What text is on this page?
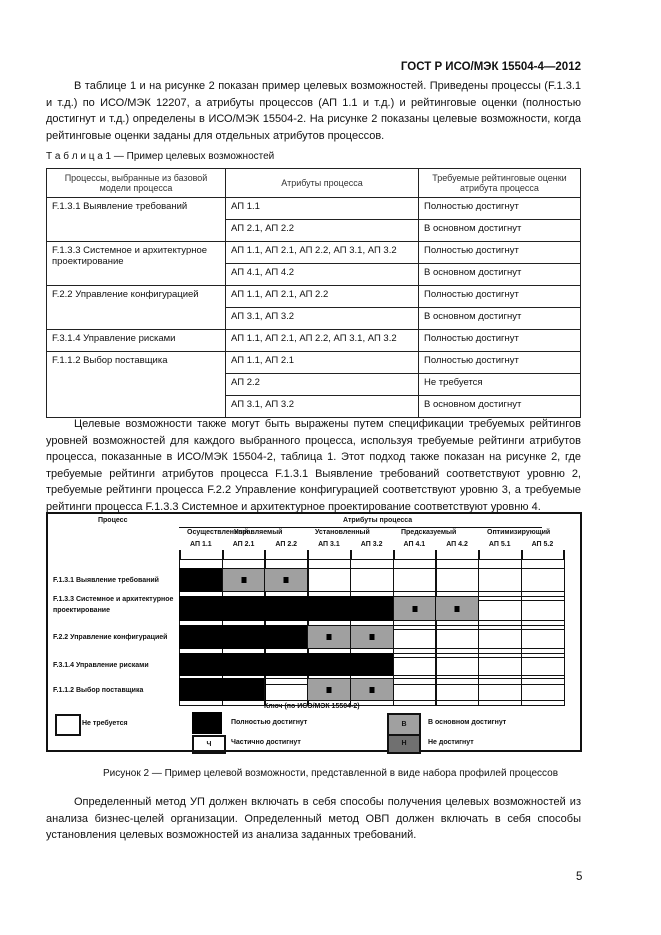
ГОСТ Р ИСО/МЭК 15504-4—2012

В таблице 1 и на рисунке 2 показан пример целевых возможностей. Приведены процессы (F.1.3.1 и т.д.) по ИСО/МЭК 12207, а атрибуты процессов (АП 1.1 и т.д.) и рейтинговые оценки (полностью достигнут и т.д.) определены в ИСО/МЭК 15504-2. На рисунке 2 показаны целевые возможности, когда рейтинговые оценки заданы для отдельных атрибутов процессов.

Т а б л и ц а 1 — Пример целевых возможностей
Процессы, выбранные из базовой модели процесса	Атрибуты процесса	Требуемые рейтинговые оценки атрибута процесса
F.1.3.1 Выявление требований	АП 1.1	Полностью достигнут
	АП 2.1, АП 2.2	В основном достигнут
F.1.3.3 Системное и архитектурное проектирование	АП 1.1, АП 2.1, АП 2.2, АП 3.1, АП 3.2	Полностью достигнут
	АП 4.1, АП 4.2	В основном достигнут
F.2.2 Управление конфигурацией	АП 1.1, АП 2.1, АП 2.2	Полностью достигнут
	АП 3.1, АП 3.2	В основном достигнут
F.3.1.4 Управление рисками	АП 1.1, АП 2.1, АП 2.2, АП 3.1, АП 3.2	Полностью достигнут
F.1.1.2 Выбор поставщика	АП 1.1, АП 2.1	Полностью достигнут
	АП 2.2	Не требуется
	АП 3.1, АП 3.2	В основном достигнут

Целевые возможности также могут быть выражены путем спецификации требуемых рейтингов уровней возможностей для каждого выбранного процесса, используя требуемые рейтинги атрибутов процесса, показанные в ИСО/МЭК 15504-2, таблица 1. Этот подход также показан на рисунке 2, где требуемые рейтинги атрибутов процесса F.1.3.1 Выявление требований соответствуют уровню 2, требуемые рейтинги процесса F.2.2 Управление конфигурацией соответствуют уровню 3, а требуемые рейтинги процесса F.1.3.3 Системное и архитектурное проектирование соответствуют уровню 4.

Процесс	Атрибуты процесса
Осуществленный
Управляемый	Установленный	Предсказуемый	Оптимизирующий
АП 1.1	АП 2.1	АП 2.2	АП 3.1	АП 3.2	АП 4.1	АП 4.2	АП 5.1	АП 5.2
F.1.3.1 Выявление требований
F.1.3.3 Системное и архитектурное проектирование
F.2.2 Управление конфигурацией
F.3.1.4 Управление рисками
F.1.1.2 Выбор поставщика
Ключ (по ИСО/МЭК 15504-2)
Не требуется	Полностью достигнут	В	В основном достигнут
Ч	Частично достигнут	Н	Не достигнут
Рисунок 2 — Пример целевой возможности, представленной в виде набора профилей процессов

Определенный метод УП должен включать в себя способы получения целевых возможностей из анализа бизнес-целей организации. Определенный метод ОВП должен включать в себя способы установления целевых возможностей из анализа заданных требований.

5
